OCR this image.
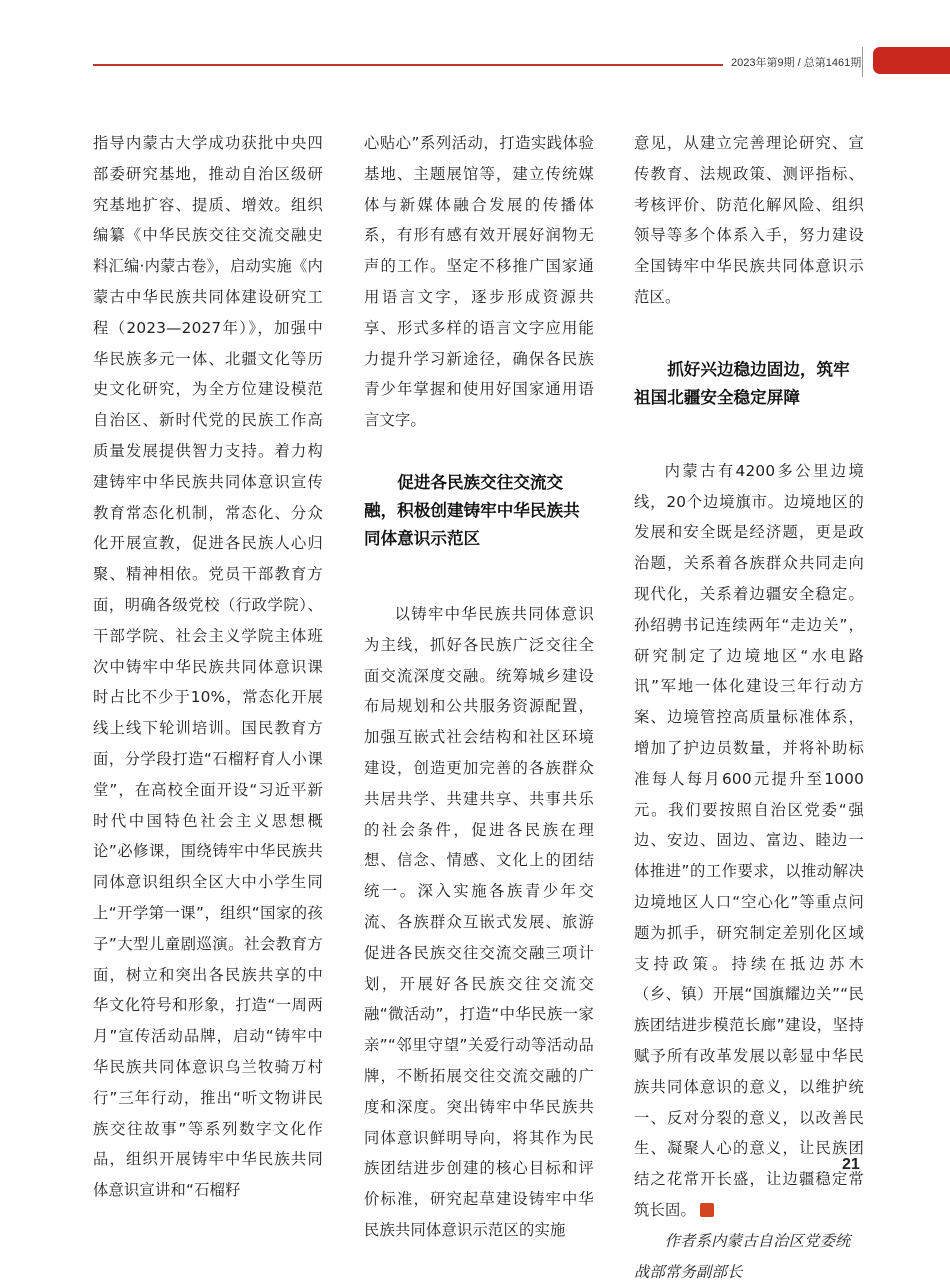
2023年第9期 / 总第1461期

指导内蒙古大学成功获批中央四部委研究基地，推动自治区级研究基地扩容、提质、增效。组织编纂《中华民族交往交流交融史料汇编·内蒙古卷》，启动实施《内蒙古中华民族共同体建设研究工程（2023—2027年）》，加强中华民族多元一体、北疆文化等历史文化研究，为全方位建设模范自治区、新时代党的民族工作高质量发展提供智力支持。着力构建铸牢中华民族共同体意识宣传教育常态化机制，常态化、分众化开展宣教，促进各民族人心归聚、精神相依。党员干部教育方面，明确各级党校（行政学院）、干部学院、社会主义学院主体班次中铸牢中华民族共同体意识课时占比不少于10%，常态化开展线上线下轮训培训。国民教育方面，分学段打造“石榴籽育人小课堂”，在高校全面开设“习近平新时代中国特色社会主义思想概论”必修课，围绕铸牢中华民族共同体意识组织全区大中小学生同上“开学第一课”，组织“国家的孩子”大型儿童剧巡演。社会教育方面，树立和突出各民族共享的中华文化符号和形象，打造“一周两月”宣传活动品牌，启动“铸牢中华民族共同体意识乌兰牧骑万村行”三年行动，推出“听文物讲民族交往故事”等系列数字文化作品，组织开展铸牢中华民族共同体意识宣讲和“石榴籽

心贴心”系列活动，打造实践体验基地、主题展馆等，建立传统媒体与新媒体融合发展的传播体系，有形有感有效开展好润物无声的工作。坚定不移推广国家通用语言文字，逐步形成资源共享、形式多样的语言文字应用能力提升学习新途径，确保各民族青少年掌握和使用好国家通用语言文字。

促进各民族交往交流交融，积极创建铸牢中华民族共同体意识示范区

以铸牢中华民族共同体意识为主线，抓好各民族广泛交往全面交流深度交融。统筹城乡建设布局规划和公共服务资源配置，加强互嵌式社会结构和社区环境建设，创造更加完善的各族群众共居共学、共建共享、共事共乐的社会条件，促进各民族在理想、信念、情感、文化上的团结统一。深入实施各族青少年交流、各族群众互嵌式发展、旅游促进各民族交往交流交融三项计划，开展好各民族交往交流交融“微活动”，打造“中华民族一家亲”“邻里守望”关爱行动等活动品牌，不断拓展交往交流交融的广度和深度。突出铸牢中华民族共同体意识鲜明导向，将其作为民族团结进步创建的核心目标和评价标准，研究起草建设铸牢中华民族共同体意识示范区的实施

意见，从建立完善理论研究、宣传教育、法规政策、测评指标、考核评价、防范化解风险、组织领导等多个体系入手，努力建设全国铸牢中华民族共同体意识示范区。

抓好兴边稳边固边，筑牢祖国北疆安全稳定屏障

内蒙古有4200多公里边境线，20个边境旗市。边境地区的发展和安全既是经济题，更是政治题，关系着各族群众共同走向现代化，关系着边疆安全稳定。孙绍骋书记连续两年“走边关”，研究制定了边境地区“水电路讯”军地一体化建设三年行动方案、边境管控高质量标准体系，增加了护边员数量，并将补助标准每人每月600元提升至1000元。我们要按照自治区党委“强边、安边、固边、富边、睦边一体推进”的工作要求，以推动解决边境地区人口“空心化”等重点问题为抓手，研究制定差别化区域支持政策。持续在抵边苏木（乡、镇）开展“国旗耀边关”“民族团结进步模范长廊”建设，坚持赋予所有改革发展以彰显中华民族共同体意识的意义，以维护统一、反对分裂的意义，以改善民生、凝聚人心的意义，让民族团结之花常开长盛，让边疆稳定常筑长固。	实践

作者系内蒙古自治区党委统

战部常务副部长

21
